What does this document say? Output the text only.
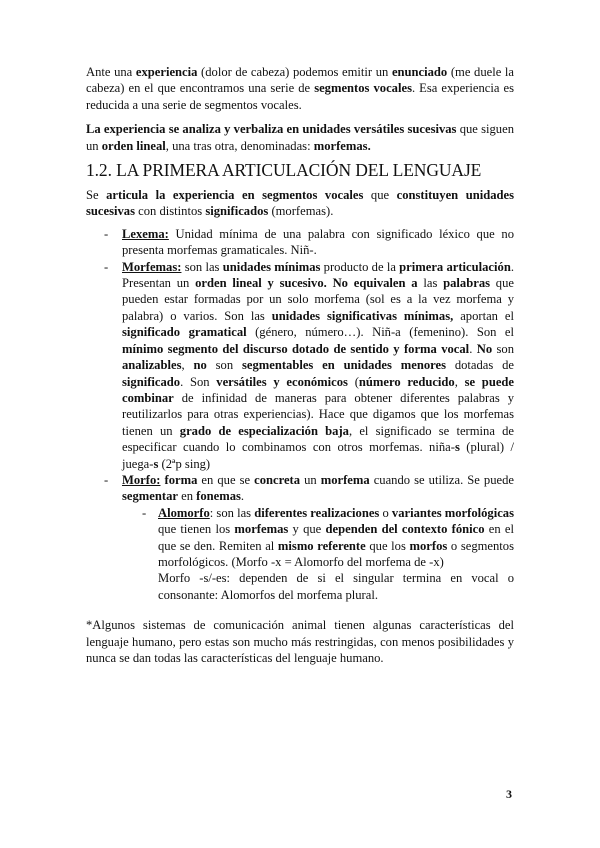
Ante una experiencia (dolor de cabeza) podemos emitir un enunciado (me duele la cabeza) en el que encontramos una serie de segmentos vocales. Esa experiencia es reducida a una serie de segmentos vocales.

La experiencia se analiza y verbaliza en unidades versátiles sucesivas que siguen un orden lineal, una tras otra, denominadas: morfemas.

1.2. LA PRIMERA ARTICULACIÓN DEL LENGUAJE

Se articula la experiencia en segmentos vocales que constituyen unidades sucesivas con distintos significados (morfemas).

- Lexema: Unidad mínima de una palabra con significado léxico que no presenta morfemas gramaticales. Niñ-.
- Morfemas: son las unidades mínimas producto de la primera articulación. Presentan un orden lineal y sucesivo. No equivalen a las palabras que pueden estar formadas por un solo morfema (sol es a la vez morfema y palabra) o varios. Son las unidades significativas mínimas, aportan el significado gramatical (género, número…). Niñ-a (femenino). Son el mínimo segmento del discurso dotado de sentido y forma vocal. No son analizables, no son segmentables en unidades menores dotadas de significado. Son versátiles y económicos (número reducido, se puede combinar de infinidad de maneras para obtener diferentes palabras y reutilizarlos para otras experiencias). Hace que digamos que los morfemas tienen un grado de especialización baja, el significado se termina de especificar cuando lo combinamos con otros morfemas. niña-s (plural) / juega-s (2ªp sing)
- Morfo: forma en que se concreta un morfema cuando se utiliza. Se puede segmentar en fonemas.
- Alomorfo: son las diferentes realizaciones o variantes morfológicas que tienen los morfemas y que dependen del contexto fónico en el que se den. Remiten al mismo referente que los morfos o segmentos morfológicos. (Morfo -x = Alomorfo del morfema de -x)
Morfo -s/-es: dependen de si el singular termina en vocal o consonante: Alomorfos del morfema plural.

*Algunos sistemas de comunicación animal tienen algunas características del lenguaje humano, pero estas son mucho más restringidas, con menos posibilidades y nunca se dan todas las características del lenguaje humano.

3
